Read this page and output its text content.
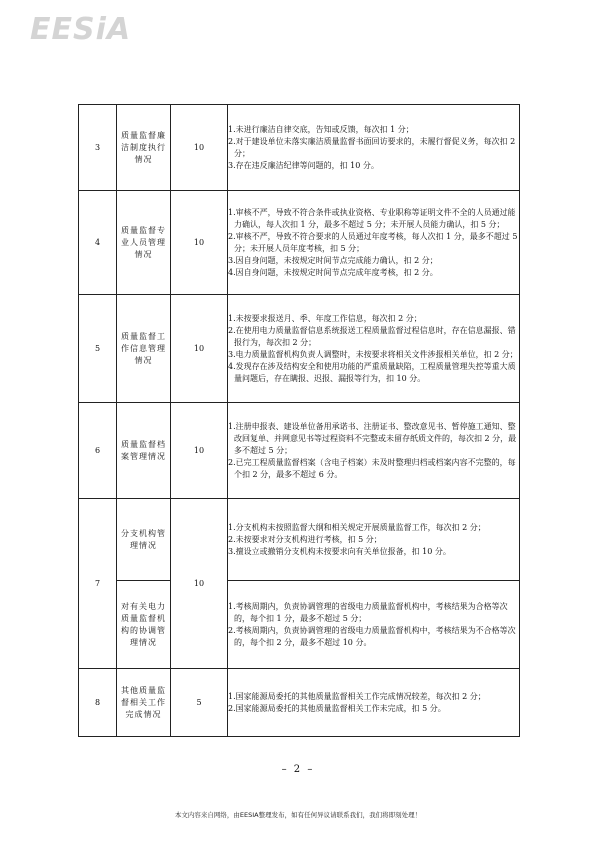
EESiA
3	质量监督廉洁制度执行情况	10	1.未进行廉洁自律交底，告知或反馈，每次扣 1 分；
2.对于建设单位未落实廉洁质量监督书面回访要求的，未履行督促义务，每次扣 2 分；
3.存在违反廉洁纪律等问题的，扣 10 分。

4	质量监督专业人员管理情况	10	1.审核不严，导致不符合条件或执业资格、专业职称等证明文件不全的人员通过能力确认，每人次扣 1 分，最多不超过 5 分；未开展人员能力确认，扣 5 分；
2.审核不严，导致不符合要求的人员通过年度考核，每人次扣 1 分，最多不超过 5 分；未开展人员年度考核，扣 5 分；
3.因自身问题，未按规定时间节点完成能力确认，扣 2 分；
4.因自身问题，未按规定时间节点完成年度考核，扣 2 分。

5	质量监督工作信息管理情况	10	1.未按要求报送月、季、年度工作信息，每次扣 2 分；
2.在使用电力质量监督信息系统报送工程质量监督过程信息时，存在信息漏报、错报行为，每次扣 2 分；
3.电力质量监督机构负责人调整时，未按要求将相关文件涉报相关单位，扣 2 分；
4.发现存在涉及结构安全和使用功能的严重质量缺陷，工程质量管理失控等重大质量问题后，存在瞒报、迟报、漏报等行为，扣 10 分。

6	质量监督档案管理情况	10	1.注册申报表、建设单位备用承诺书、注册证书、整改意见书、暂停施工通知、整改回复单、并网意见书等过程资料不完整或未留存纸质文件的，每次扣 2 分，最多不超过 5 分；
2.已完工程质量监督档案（含电子档案）未及时整理归档或档案内容不完整的，每个扣 2 分，最多不超过 6 分。

7	分支机构管理情况	10	1.分支机构未按照监督大纲和相关规定开展质量监督工作，每次扣 2 分；
2.未按要求对分支机构进行考核，扣 5 分；
3.擅设立或撤销分支机构未按要求向有关单位报备，扣 10 分。

	对有关电力质量监督机构的协调管理情况		1.考核周期内，负责协调管理的省级电力质量监督机构中，考核结果为合格等次的，每个扣 1 分，最多不超过 5 分；
2.考核周期内，负责协调管理的省级电力质量监督机构中，考核结果为不合格等次的，每个扣 2 分，最多不超过 10 分。

8	其他质量监督相关工作完成情况	5	1.国家能源局委托的其他质量监督相关工作完成情况较差，每次扣 2 分；
2.国家能源局委托的其他质量监督相关工作未完成，扣 5 分。
– 2 –
本文内容来自网络，由EESIA整理发布，如有任何异议请联系我们，我们将即刻处理！
